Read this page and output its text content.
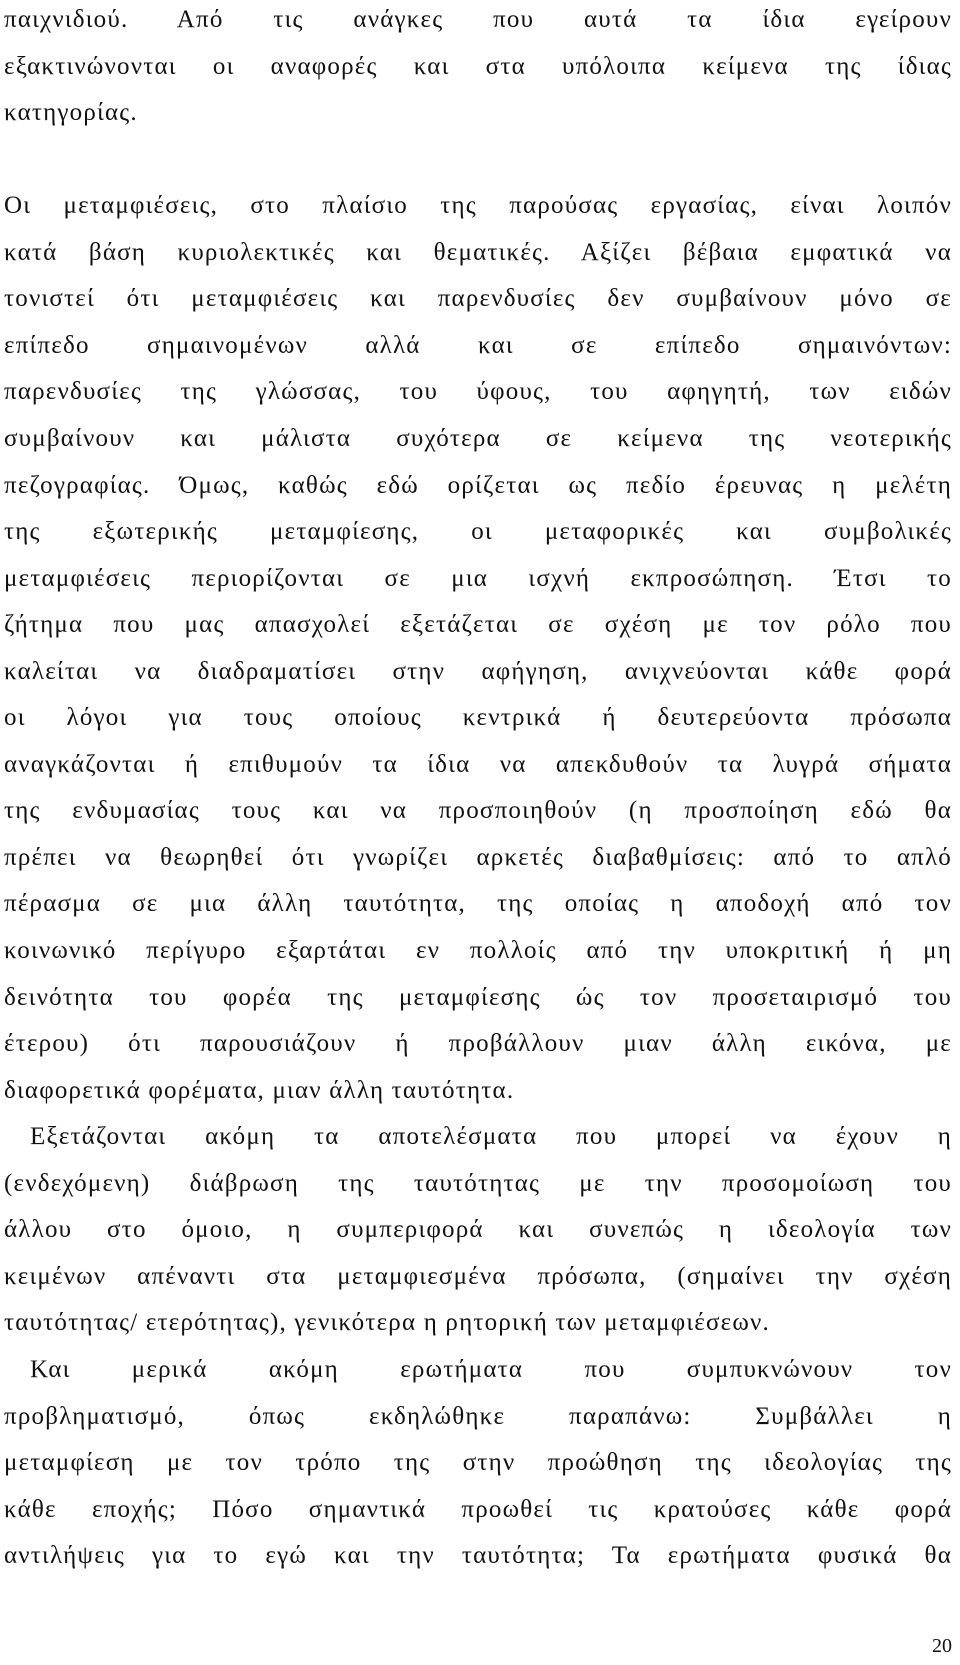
παιχνιδιού. Από τις ανάγκες που αυτά τα ίδια εγείρουν
εξακτινώνονται οι αναφορές και στα υπόλοιπα κείμενα της ίδιας
κατηγορίας.
Οι μεταμφιέσεις, στο πλαίσιο της παρούσας εργασίας, είναι λοιπόν
κατά βάση κυριολεκτικές και θεματικές. Αξίζει βέβαια εμφατικά να
τονιστεί ότι μεταμφιέσεις και παρενδυσίες δεν συμβαίνουν μόνο σε
επίπεδο σημαινομένων αλλά και σε επίπεδο σημαινόντων:
παρενδυσίες της γλώσσας, του ύφους, του αφηγητή, των ειδών
συμβαίνουν και μάλιστα συχότερα σε κείμενα της νεοτερικής
πεζογραφίας. Όμως, καθώς εδώ ορίζεται ως πεδίο έρευνας η μελέτη
της εξωτερικής μεταμφίεσης, οι μεταφορικές και συμβολικές
μεταμφιέσεις περιορίζονται σε μια ισχνή εκπροσώπηση. Έτσι το
ζήτημα που μας απασχολεί εξετάζεται σε σχέση με τον ρόλο που
καλείται να διαδραματίσει στην αφήγηση, ανιχνεύονται κάθε φορά
οι λόγοι για τους οποίους κεντρικά ή δευτερεύοντα πρόσωπα
αναγκάζονται ή επιθυμούν τα ίδια να απεκδυθούν τα λυγρά σήματα
της ενδυμασίας τους και να προσποιηθούν (η προσποίηση εδώ θα
πρέπει να θεωρηθεί ότι γνωρίζει αρκετές διαβαθμίσεις: από το απλό
πέρασμα σε μια άλλη ταυτότητα, της οποίας η αποδοχή από τον
κοινωνικό περίγυρο εξαρτάται εν πολλοίς από την υποκριτική ή μη
δεινότητα του φορέα της μεταμφίεσης ώς τον προσεταιρισμό του
έτερου) ότι παρουσιάζουν ή προβάλλουν μιαν άλλη εικόνα, με
διαφορετικά φορέματα, μιαν άλλη ταυτότητα.
Εξετάζονται ακόμη τα αποτελέσματα που μπορεί να έχουν η
(ενδεχόμενη) διάβρωση της ταυτότητας με την προσομοίωση του
άλλου στο όμοιο, η συμπεριφορά και συνεπώς η ιδεολογία των
κειμένων απέναντι στα μεταμφιεσμένα πρόσωπα, (σημαίνει την σχέση
ταυτότητας/ ετερότητας), γενικότερα η ρητορική των μεταμφιέσεων.
Και μερικά ακόμη ερωτήματα που συμπυκνώνουν τον
προβληματισμό, όπως εκδηλώθηκε παραπάνω: Συμβάλλει η
μεταμφίεση με τον τρόπο της στην προώθηση της ιδεολογίας της
κάθε εποχής; Πόσο σημαντικά προωθεί τις κρατούσες κάθε φορά
αντιλήψεις για το εγώ και την ταυτότητα; Τα ερωτήματα φυσικά θα
20
